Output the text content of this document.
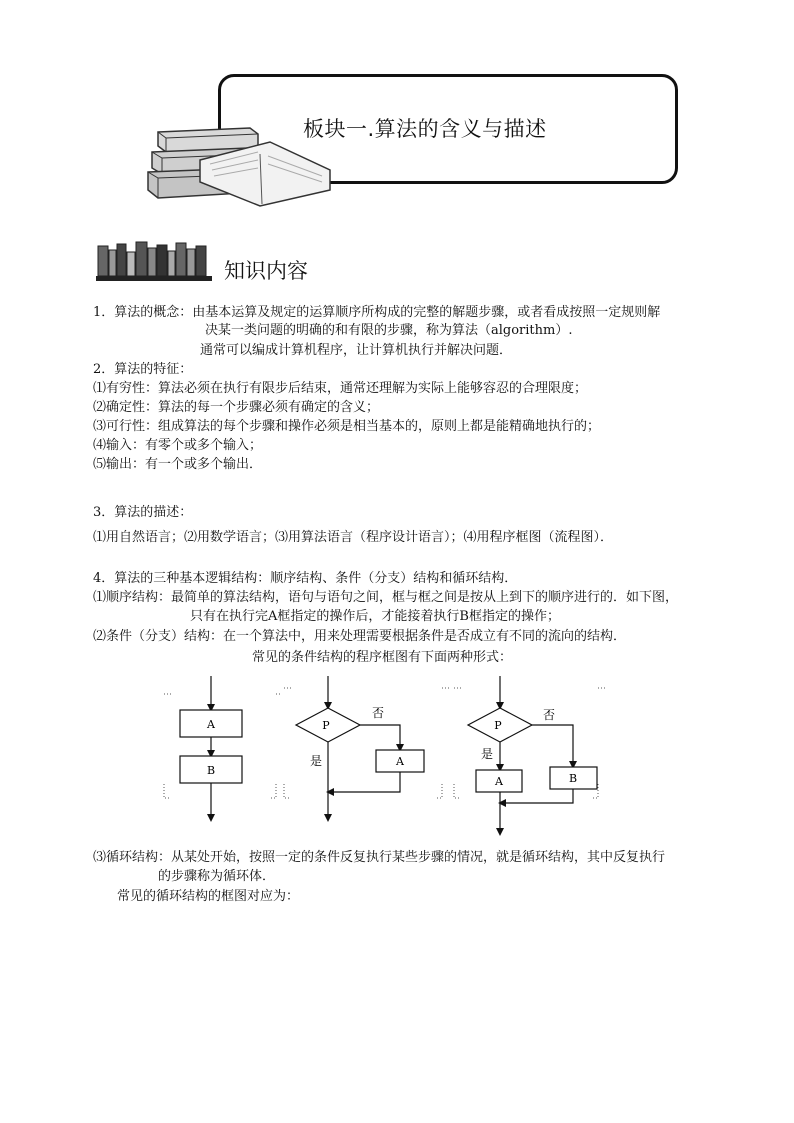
板块一.算法的含义与描述
知识内容
1．算法的概念：由基本运算及规定的运算顺序所构成的完整的解题步骤，或者看成按照一定规则解
决某一类问题的明确的和有限的步骤，称为算法（algorithm）.
通常可以编成计算机程序，让计算机执行并解决问题．
2．算法的特征：
⑴有穷性：算法必须在执行有限步后结束，通常还理解为实际上能够容忍的合理限度；
⑵确定性：算法的每一个步骤必须有确定的含义；
⑶可行性：组成算法的每个步骤和操作必须是相当基本的，原则上都是能精确地执行的；
⑷输入：有零个或多个输入；
⑸输出：有一个或多个输出．
3．算法的描述：
⑴用自然语言；⑵用数学语言；⑶用算法语言（程序设计语言）；⑷用程序框图（流程图）．
4．算法的三种基本逻辑结构：顺序结构、条件（分支）结构和循环结构．
⑴顺序结构：最简单的算法结构，语句与语句之间，框与框之间是按从上到下的顺序进行的．如下图，
只有在执行完A框指定的操作后，才能接着执行B框指定的操作；
⑵条件（分支）结构：在一个算法中，用来处理需要根据条件是否成立有不同的流向的结构．
常见的条件结构的程序框图有下面两种形式：
⑶循环结构：从某处开始，按照一定的条件反复执行某些步骤的情况，就是循环结构，其中反复执行
的步骤称为循环体．
常见的循环结构的框图对应为：
A
B
P
否
A
是
P
否
是
A	B
